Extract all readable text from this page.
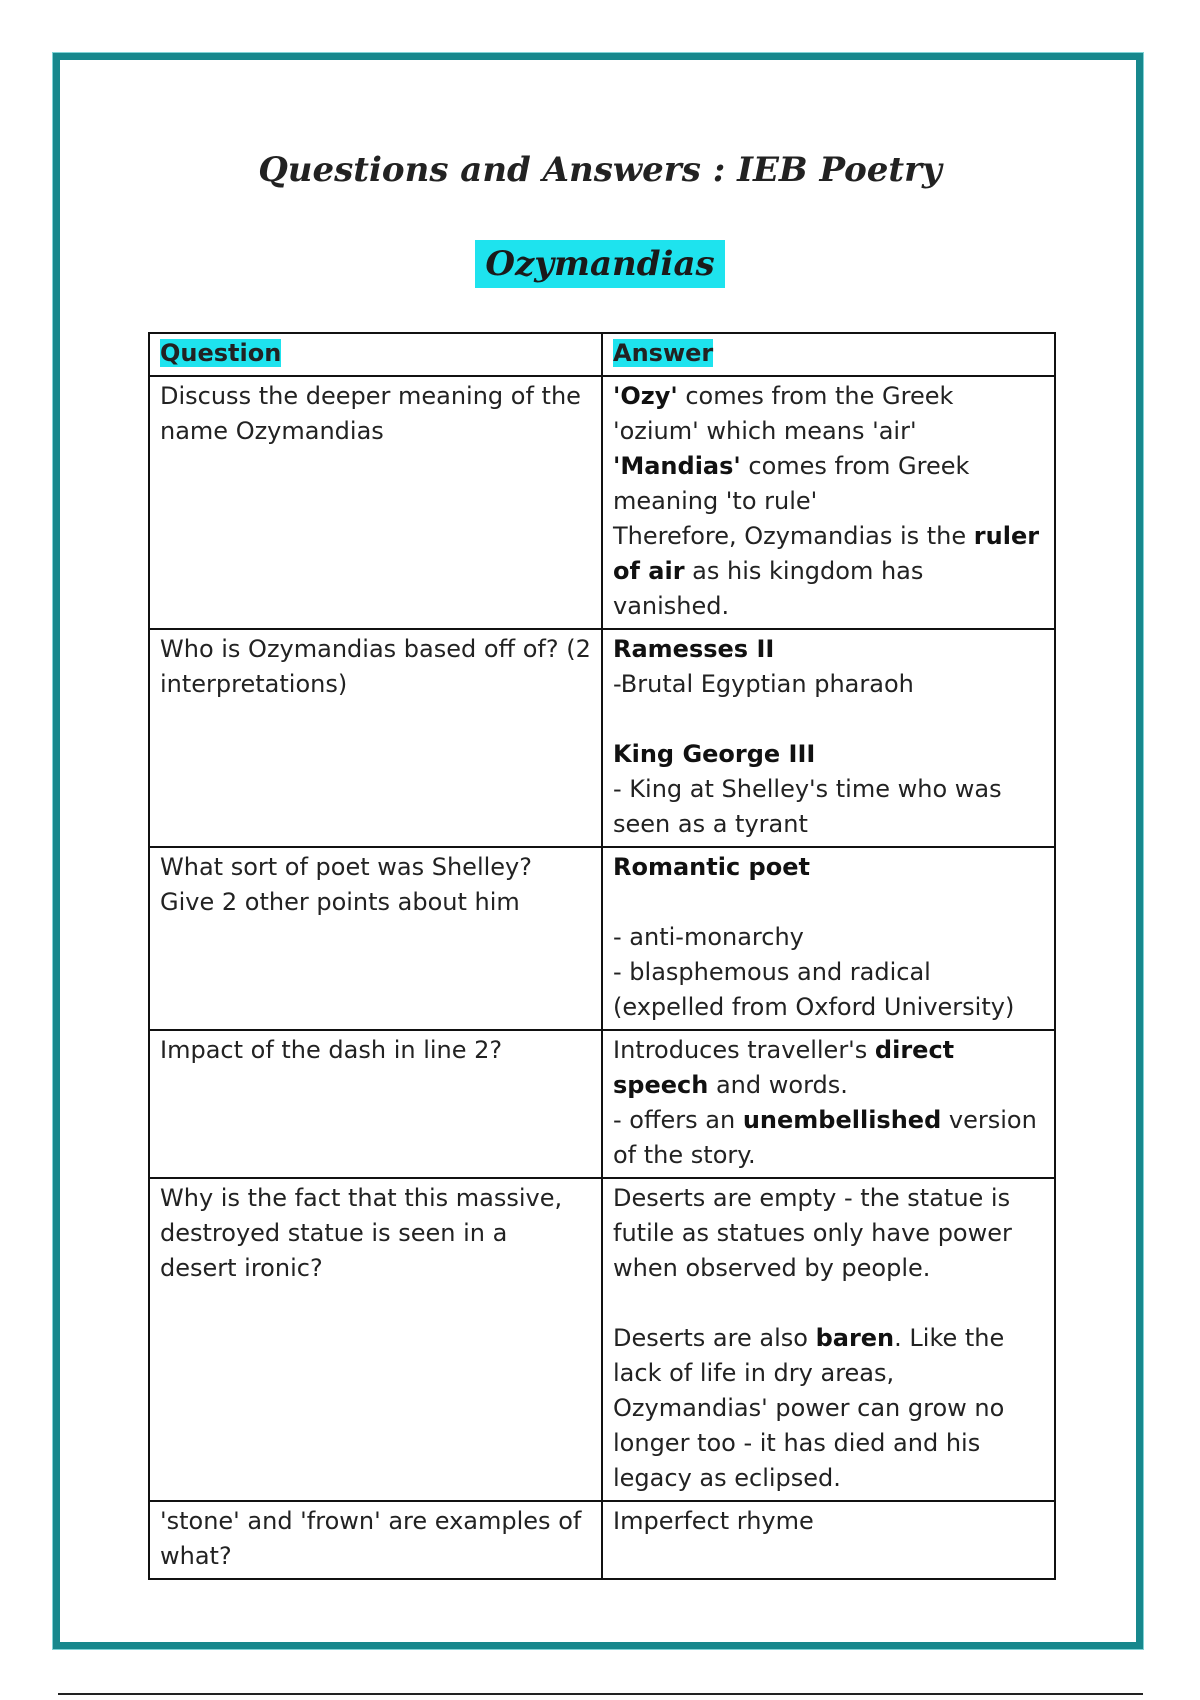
Questions and Answers : IEB Poetry
Ozymandias
Question	Answer
Discuss the deeper meaning of the name Ozymandias	'Ozy' comes from the Greek 'ozium' which means 'air'
'Mandias' comes from Greek meaning 'to rule'
Therefore, Ozymandias is the ruler of air as his kingdom has vanished.

Who is Ozymandias based off of? (2 interpretations)	Ramesses II
-Brutal Egyptian pharaoh
King George III
- King at Shelley's time who was seen as a tyrant

What sort of poet was Shelley? Give 2 other points about him	Romantic poet
- anti-monarchy
- blasphemous and radical (expelled from Oxford University)

Impact of the dash in line 2?	Introduces traveller's direct speech and words.
- offers an unembellished version of the story.

Why is the fact that this massive, destroyed statue is seen in a desert ironic?	Deserts are empty - the statue is futile as statues only have power when observed by people.
Deserts are also baren. Like the lack of life in dry areas, Ozymandias' power can grow no longer too - it has died and his legacy as eclipsed.

'stone' and 'frown' are examples of what?	Imperfect rhyme
